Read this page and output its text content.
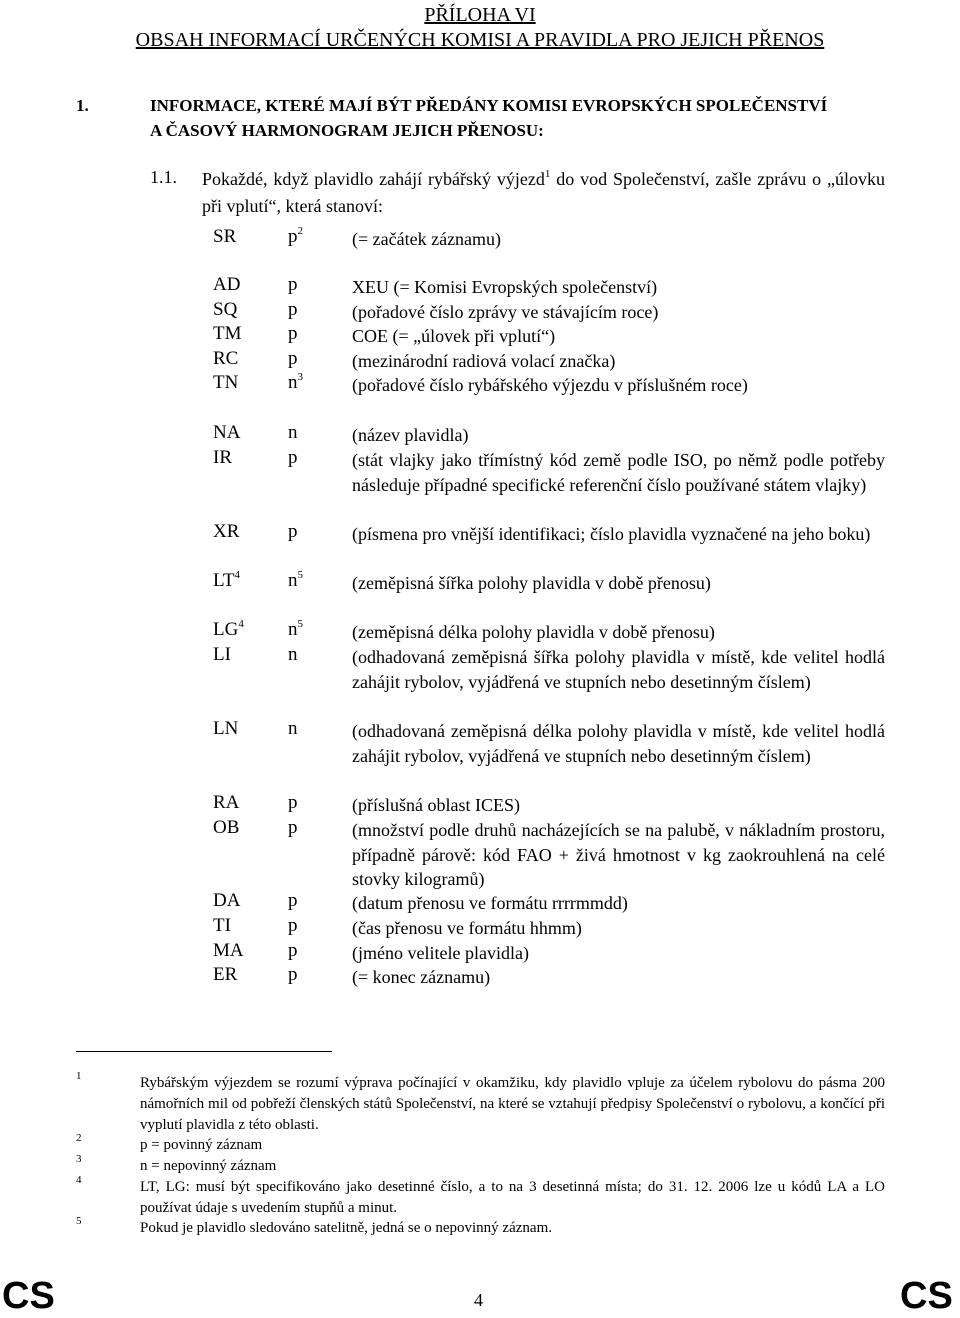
PŘÍLOHA VI
OBSAH INFORMACÍ URČENÝCH KOMISI A PRAVIDLA PRO JEJICH PŘENOS
1.	INFORMACE, KTERÉ MAJÍ BÝT PŘEDÁNY KOMISI EVROPSKÝCH SPOLEČENSTVÍ
A ČASOVÝ HARMONOGRAM JEJICH PŘENOSU:
1.1. Pokaždé, když plavidlo zahájí rybářský výjezd$^1$ do vod Společenství, zašle zprávu o „úlovku při vplutí“, která stanoví:
SR	$p^2$	(= začátek záznamu)
AD	p	XEU (= Komisi Evropských společenství)
SQ	p	(pořadové číslo zprávy ve stávajícím roce)
TM p	COE (= „úlovek při vplutí“)
RC	p	(mezinárodní radiová volací značka)
TN	$n^3$	(pořadové číslo rybářského výjezdu v příslušném roce)
NA	n	(název plavidla)
IR	p	(stát vlajky jako třímístný kód země podle ISO, po němž podle potřeby následuje případné specifické referenční číslo používané státem vlajky)
XR	p	(písmena pro vnější identifikaci; číslo plavidla vyznačené na jeho boku)
$LT^4$	$n^5$	(zeměpisná šířka polohy plavidla v době přenosu)
$LG^4$ $n^5$	(zeměpisná délka polohy plavidla v době přenosu)
LI	n	(odhadovaná zeměpisná šířka polohy plavidla v místě, kde velitel hodlá zahájit rybolov, vyjádřená ve stupních nebo desetinným číslem)
LN	n	(odhadovaná zeměpisná délka polohy plavidla v místě, kde velitel hodlá zahájit rybolov, vyjádřená ve stupních nebo desetinným číslem)
RA	p	(příslušná oblast ICES)
OB	p	(množství podle druhů nacházejících se na palubě, v nákladním prostoru, případně párově: kód FAO + živá hmotnost v kg zaokrouhlená na celé stovky kilogramů)
DA	p	(datum přenosu ve formátu rrrrmmdd)
TI	p	(čas přenosu ve formátu hhmm)
MA p	(jméno velitele plavidla)
ER	p	(= konec záznamu)
1	Rybářským výjezdem se rozumí výprava počínající v okamžiku, kdy plavidlo vpluje za účelem rybolovu do pásma 200 námořních mil od pobřeží členských států Společenství, na které se vztahují předpisy Společenství o rybolovu, a končící při vyplutí plavidla z této oblasti.
2	p = povinný záznam
3	n = nepovinný záznam
4	LT, LG: musí být specifikováno jako desetinné číslo, a to na 3 desetinná místa; do 31. 12. 2006 lze u kódů LA a LO používat údaje s uvedením stupňů a minut.
5	Pokud je plavidlo sledováno satelitně, jedná se o nepovinný záznam.
CS	4	CS
